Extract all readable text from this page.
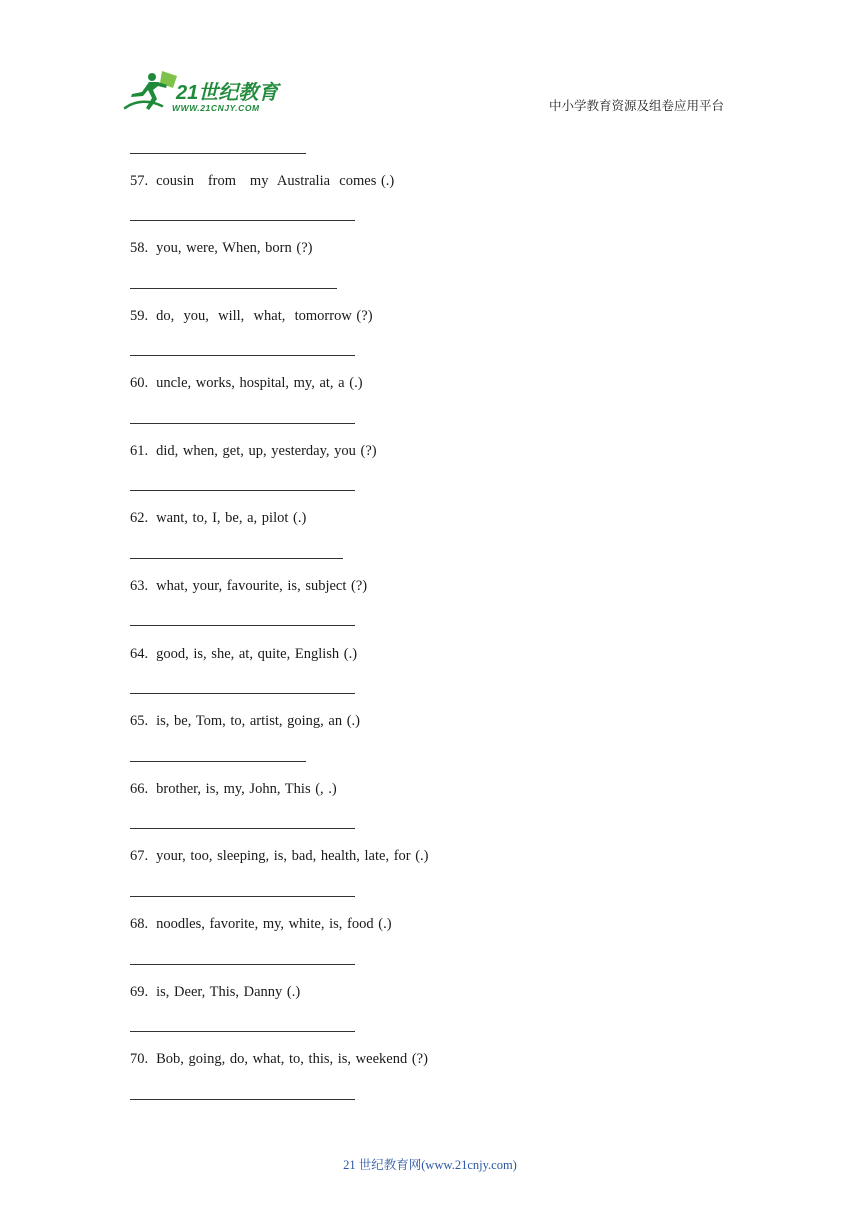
21世纪教育
WWW.21CNJY.COM	中小学教育资源及组卷应用平台
57. cousin   from   my  Australia  comes (.)
58. you, were, When, born (?)
59. do,  you,  will,  what,  tomorrow (?)
60. uncle, works, hospital, my, at, a (.)
61. did, when, get, up, yesterday, you (?)
62. want, to, I, be, a, pilot (.)
63. what, your, favourite, is, subject (?)
64. good, is, she, at, quite, English (.)
65. is, be, Tom, to, artist, going, an (.)
66. brother, is, my, John, This (, .)
67. your, too, sleeping, is, bad, health, late, for (.)
68. noodles, favorite, my, white, is, food (.)
69. is, Deer, This, Danny (.)
70. Bob, going, do, what, to, this, is, weekend (?)
21 世纪教育网(www.21cnjy.com)
